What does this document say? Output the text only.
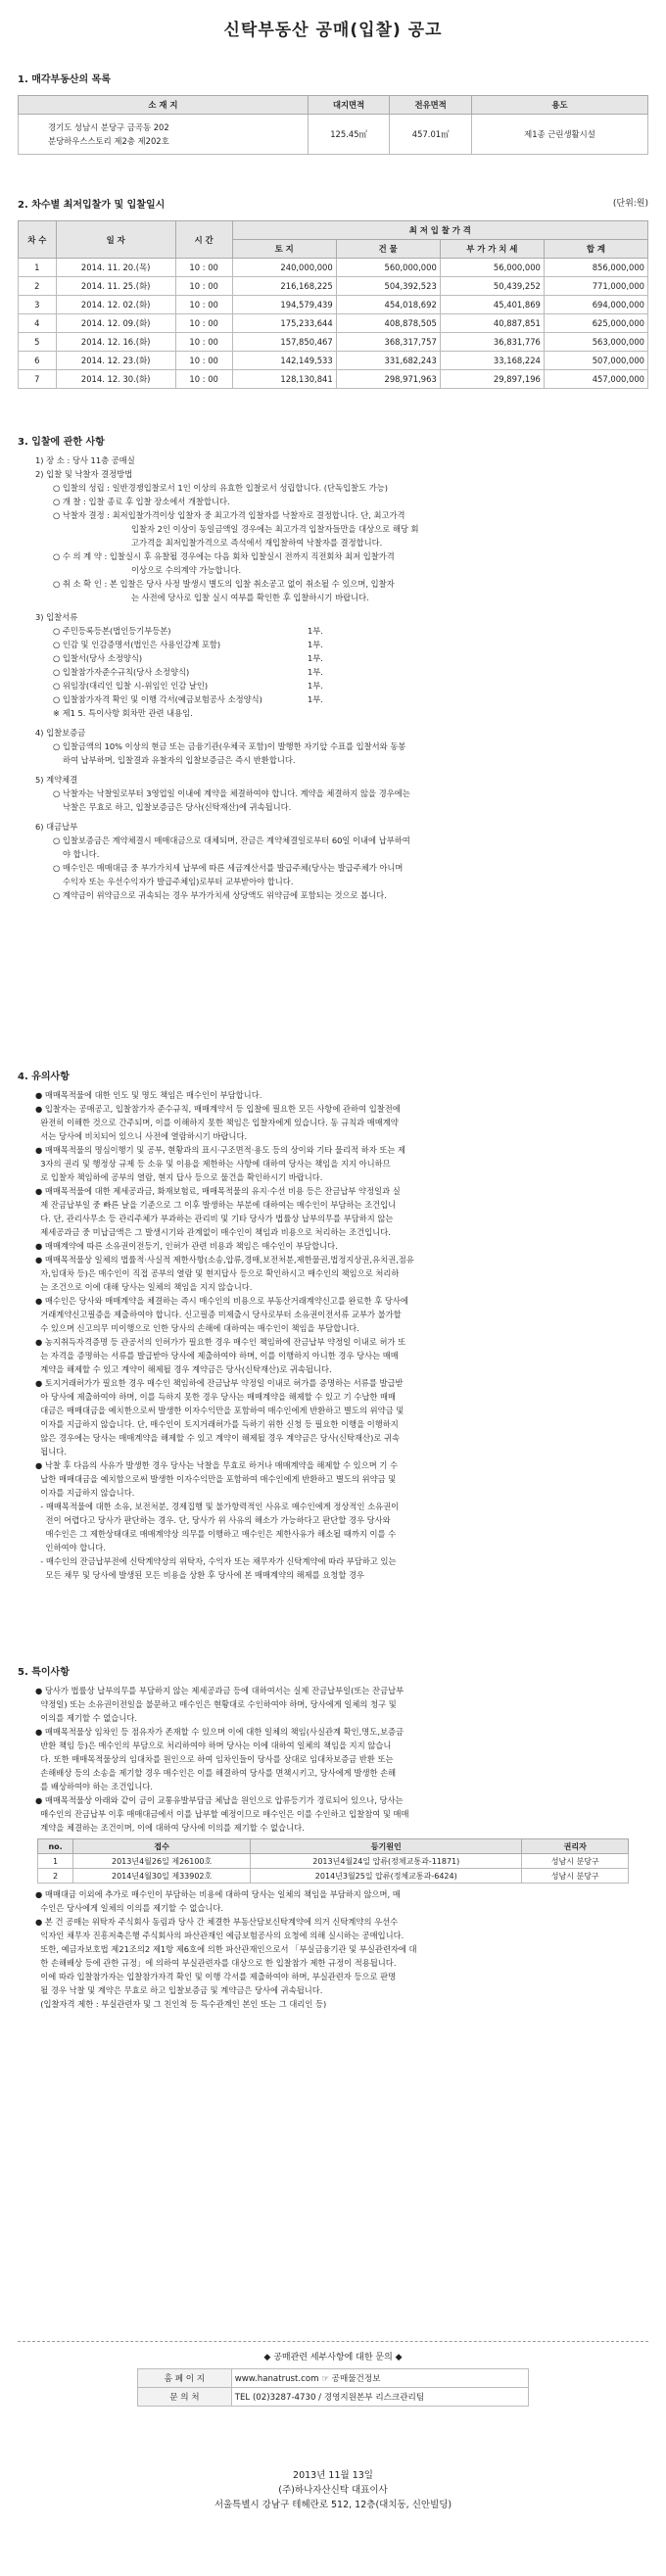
신탁부동산 공매(입찰) 공고
1. 매각부동산의 목록
소 재 지	대지면적	전유면적	용도

경기도 성남시 분당구 금곡동 202
분당하우스스토리 제2층 제202호	125.45㎡	457.01㎡	제1종 근린생활시설
2. 차수별 최저입찰가 및 입찰일시	(단위:원)
차 수	일 자	시 간	최 저 입 찰 가 격			
			토 지	건 물	부 가 가 치 세	합 계
1	2014. 11. 20.(목)	10 : 00	240,000,000	560,000,000	56,000,000	856,000,000
2	2014. 11. 25.(화)	10 : 00	216,168,225	504,392,523	50,439,252	771,000,000
3	2014. 12. 02.(화)	10 : 00	194,579,439	454,018,692	45,401,869	694,000,000
4	2014. 12. 09.(화)	10 : 00	175,233,644	408,878,505	40,887,851	625,000,000
5	2014. 12. 16.(화)	10 : 00	157,850,467	368,317,757	36,831,776	563,000,000
6	2014. 12. 23.(화)	10 : 00	142,149,533	331,682,243	33,168,224	507,000,000
7	2014. 12. 30.(화)	10 : 00	128,130,841	298,971,963	29,897,196	457,000,000
3. 입찰에 관한 사항
1) 장 소 : 당사 11층 공매실
2) 입찰 및 낙찰자 결정방법
○ 입찰의 성립 : 일반경쟁입찰로서 1인 이상의 유효한 입찰로서 성립합니다. (단독입찰도 가능)
○ 개 찰 : 입찰 종료 후 입찰 장소에서 개찰합니다.
○ 낙찰자 결정 : 최저입찰가격이상 입찰자 중 최고가격 입찰자를 낙찰자로 결정합니다. 단, 최고가격
입찰자 2인 이상이 동일금액일 경우에는 최고가격 입찰자들만을 대상으로 해당 회
고가격을 최저입찰가격으로 즉석에서 재입찰하여 낙찰자를 결정합니다.
○ 수 의 계 약 : 입찰실시 후 유찰될 경우에는 다음 회차 입찰실시 전까지 직전회차 최저 입찰가격
이상으로 수의계약 가능합니다.
○ 취 소 확 인 : 본 입찰은 당사 사정 발생시 별도의 입찰 취소공고 없이 취소될 수 있으며, 입찰자
는 사전에 당사로 입찰 실시 여부를 확인한 후 입찰하시기 바랍니다.
3) 입찰서류
○ 주민등록등본(법인등기부등본)	1부.
○ 인감 및 인감증명서(법인은 사용인감계 포함)	1부.
○ 입찰서(당사 소정양식)	1부.
○ 입찰참가자준수규칙(당사 소정양식)	1부.
○ 위임장(대리인 입찰 시-위임인 인감 날인)	1부.
○ 입찰참가자격 확인 및 이행 각서(예금보험공사 소정양식)	1부.
※ 제1 5. 특이사항 회차만 관련 내용임.
4) 입찰보증금
○ 입찰금액의 10% 이상의 현금 또는 금융기관(우체국 포함)이 발행한 자기앞 수표를 입찰서와 동봉
하여 납부하며, 입찰결과 유찰자의 입찰보증금은 즉시 반환합니다.
5) 계약체결
○ 낙찰자는 낙찰일로부터 3영업일 이내에 계약을 체결하여야 합니다. 계약을 체결하지 않을 경우에는
낙찰은 무효로 하고, 입찰보증금은 당사(신탁재산)에 귀속됩니다.
6) 대금납부
○ 입찰보증금은 계약체결시 매매대금으로 대체되며, 잔금은 계약체결일로부터 60일 이내에 납부하여
야 합니다.
○ 매수인은 매매대금 중 부가가치세 납부에 따른 세금계산서를 발급주체(당사는 발급주체가 아니며
수익자 또는 우선수익자가 발급주체임)로부터 교부받아야 합니다.
○ 계약금이 위약금으로 귀속되는 경우 부가가치세 상당액도 위약금에 포함되는 것으로 봅니다.
4. 유의사항
● 매매목적물에 대한 인도 및 명도 책임은 매수인이 부담합니다.
● 입찰자는 공매공고, 입찰참가자 준수규칙, 매매계약서 등 입찰에 필요한 모든 사항에 관하여 입찰전에
완전히 이해한 것으로 간주되며, 이를 이해하지 못한 책임은 입찰자에게 있습니다. 동 규칙과 매매계약
서는 당사에 비치되어 있으니 사전에 열람하시기 바랍니다.
● 매매목적물의 명심이행기 및 공부, 현황과의 표시·구조면적·용도 등의 상이와 기타 물리적 하자 또는 제
3자의 권리 및 행정상 규제 등 소유 및 이용을 제한하는 사항에 대하여 당사는 책임을 지지 아니하므
로 입찰자 책임하에 공부의 열람, 현지 답사 등으로 물건을 확인하시기 바랍니다.
● 매매목적물에 대한 제세공과금, 화재보험료, 매매목적물의 유지·수선 비용 등은 잔금납부 약정일과 실
제 잔금납부일 중 빠른 날을 기준으로 그 이후 발생하는 부분에 대하여는 매수인이 부담하는 조건입니
다. 단, 관리사무소 등 관리주체가 부과하는 관리비 및 기타 당사가 법률상 납부의무를 부담하지 않는
제세공과금 중 미납금액은 그 발생시기와 관계없이 매수인이 책임과 비용으로 처리하는 조건입니다.
● 매매계약에 따른 소유권이전등기, 인허가 관련 비용과 책임은 매수인이 부담합니다.
● 매매목적물상 일체의 법률적·사실적 제한사항(소송,압류,경매,보전처분,제한물권,법정지상권,유치권,점유
자,임대차 등)은 매수인이 직접 공부의 열람 및 현지답사 등으로 확인하시고 매수인의 책임으로 처리하
는 조건으로 이에 대해 당사는 일체의 책임을 지지 않습니다.
● 매수인은 당사와 매매계약을 체결하는 즉시 매수인의 비용으로 부동산거래계약신고를 완료한 후 당사에
거래계약신고필증을 제출하여야 합니다. 신고필증 미제출시 당사로부터 소유권이전서류 교부가 불가할
수 있으며 신고의무 미이행으로 인한 당사의 손해에 대하여는 매수인이 책임을 부담합니다.
● 농지취득자격증명 등 관공서의 인허가가 필요한 경우 매수인 책임하에 잔금납부 약정일 이내로 허가 또
는 자격을 증명하는 서류를 발급받아 당사에 제출하여야 하며, 이를 이행하지 아니한 경우 당사는 매매
계약을 해제할 수 있고 계약이 해제될 경우 계약금은 당사(신탁재산)로 귀속됩니다.
● 토지거래허가가 필요한 경우 매수인 책임하에 잔금납부 약정일 이내로 허가를 증명하는 서류를 발급받
아 당사에 제출하여야 하며, 이를 득하지 못한 경우 당사는 매매계약을 해제할 수 있고 기 수납한 매매
대금은 매매대금을 예치한으로써 발생한 이자수익만을 포함하여 매수인에게 반환하고 별도의 위약금 및
이자를 지급하지 않습니다. 단, 매수인이 토지거래허가를 득하기 위한 신청 등 필요한 이행을 이행하지
않은 경우에는 당사는 매매계약을 해제할 수 있고 계약이 해제될 경우 계약금은 당사(신탁재산)로 귀속
됩니다.
● 낙찰 후 다음의 사유가 발생한 경우 당사는 낙찰을 무효로 하거나 매매계약을 해제할 수 있으며 기 수
납한 매매대금을 예치함으로써 발생한 이자수익만을 포함하여 매수인에게 반환하고 별도의 위약금 및
이자를 지급하지 않습니다.
- 매매목적물에 대한 소유, 보전처분, 경제집행 및 불가항력적인 사유로 매수인에게 정상적인 소유권이
전이 어렵다고 당사가 판단하는 경우. 단, 당사가 위 사유의 해소가 가능하다고 판단할 경우 당사와
매수인은 그 제한상태대로 매매계약상 의무를 이행하고 매수인은 제한사유가 해소될 때까지 이를 수
인하여야 합니다.
- 매수인의 잔금납부전에 신탁계약상의 위탁자, 수익자 또는 채무자가 신탁계약에 따라 부담하고 있는
모든 채무 및 당사에 발생된 모든 비용을 상환 후 당사에 본 매매계약의 해제를 요청할 경우
5. 특이사항
● 당사가 법률상 납부의무를 부담하지 않는 제세공과금 등에 대하여서는 실제 잔금납부일(또는 잔금납부
약정일) 또는 소유권이전일을 불문하고 매수인은 현황대로 수인하여야 하며, 당사에게 일체의 청구 및
이의를 제기할 수 없습니다.
● 매매목적물상 임차인 등 점유자가 존재할 수 있으며 이에 대한 일체의 책임(사실관계 확인,명도,보증금
반환 책임 등)은 매수인의 부담으로 처리하여야 하며 당사는 이에 대하여 일체의 책임을 지지 않습니
다. 또한 매매목적물상의 임대차를 원인으로 하여 임차인들이 당사를 상대로 임대차보증금 반환 또는
손해배상 등의 소송을 제기할 경우 매수인은 이를 해결하여 당사를 면책시키고, 당사에게 발생한 손해
를 배상하여야 하는 조건입니다.
● 매매목적물상 아래와 같이 금이 교통유발부담금 체납을 원인으로 압류등기가 경료되어 있으나, 당사는
매수인의 잔금납부 이후 매매대금에서 이를 납부할 예정이므로 매수인은 이를 수인하고 입찰참여 및 매매
계약을 체결하는 조건이며, 이에 대하여 당사에 이의를 제기할 수 없습니다.
no.	접수	등기원인	권리자
1	2013년4월26일 제26100호	2013년4월24일 압류(정체교통과-11871)	성남시 분당구
2	2014년4월30일 제33902호	2014년3월25일 압류(정체교통과-6424)	성남시 분당구
● 매매대금 이외에 추가로 매수인이 부담하는 비용에 대하여 당사는 일체의 책임을 부담하지 않으며, 매
수인은 당사에게 일체의 이의를 제기할 수 없습니다.
● 본 건 공매는 위탁자 주식회사 동림과 당사 간 체결한 부동산담보신탁계약에 의거 신탁계약의 우선수
익자인 채무자 진흥저축은행 주식회사의 파산관재인 예금보험공사의 요청에 의해 실시하는 공매입니다.
또한, 예금자보호법 제21조의2 제1항 제6호에 의한 파산관재인으로서 「부실금융기관 및 부실관련자에 대
한 손해배상 등에 관한 규정」에 의하여 부실관련자를 대상으로 한 입찰참가 제한 규정이 적용됩니다.
이에 따라 입찰참가자는 입찰참가자격 확인 및 이행 각서를 제출하여야 하며, 부실관련자 등으로 판명
될 경우 낙찰 및 계약은 무효로 하고 입찰보증금 및 계약금은 당사에 귀속됩니다.
(입찰자격 제한 : 부실관련자 및 그 친인척 등 특수관계인 본인 또는 그 대리인 등)
◆ 공매관련 세부사항에 대한 문의 ◆
홈 페 이 지	www.hanatrust.com ☞ 공매물건정보
문 의 처	TEL (02)3287-4730 / 경영지원본부 리스크관리팀
2013년 11월 13일
(주)하나자산신탁 대표이사
서울특별시 강남구 테헤란로 512, 12층(대치동, 신안빌딩)
